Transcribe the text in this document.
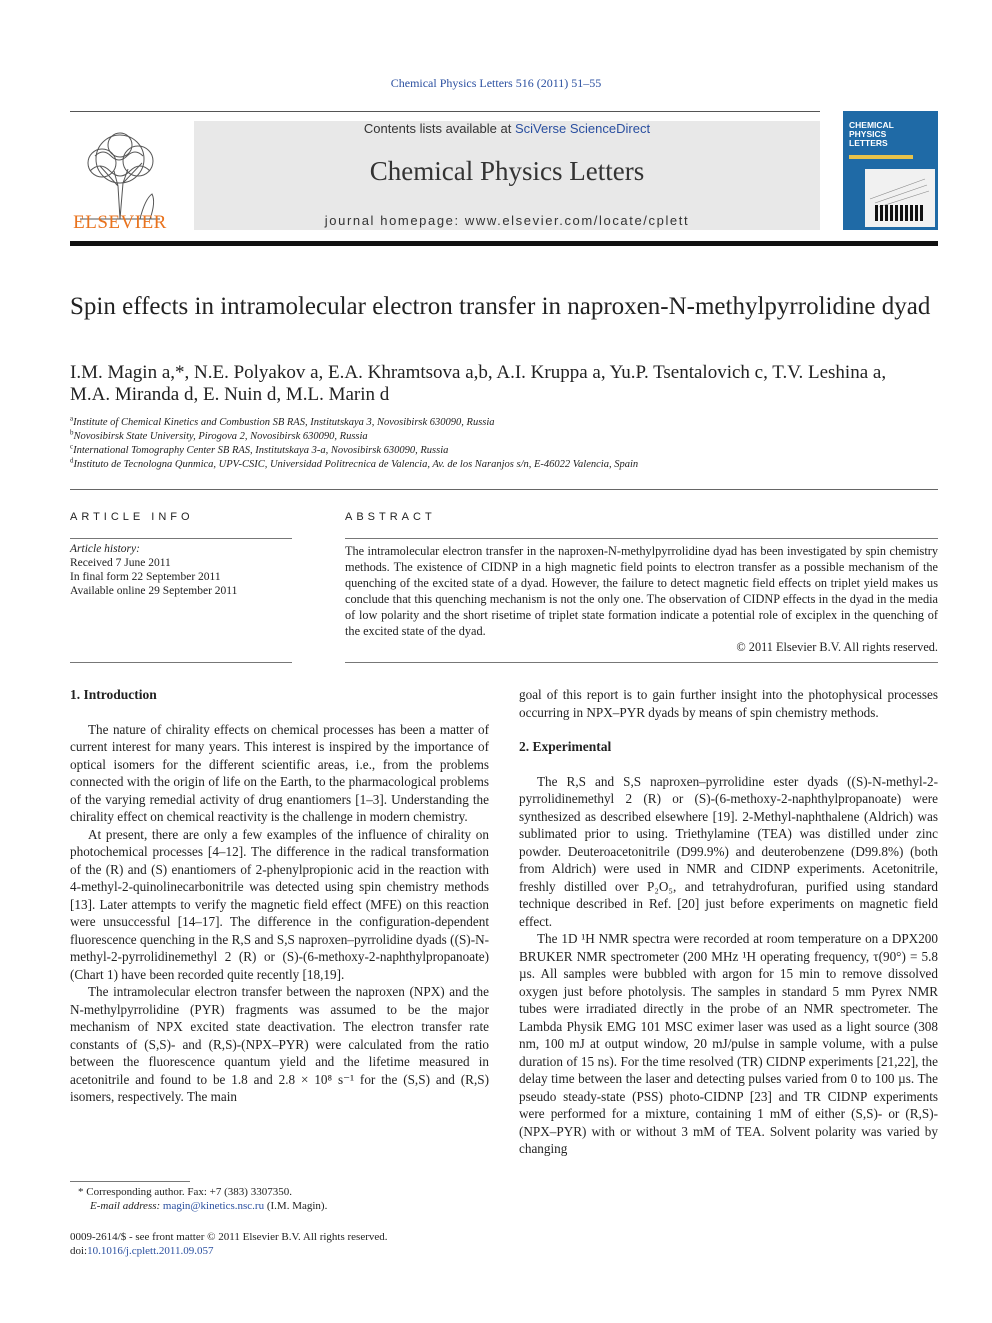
Chemical Physics Letters 516 (2011) 51–55
ELSEVIER
Contents lists available at SciVerse ScienceDirect
Chemical Physics Letters
journal homepage: www.elsevier.com/locate/cplett
CHEMICAL
PHYSICS
LETTERS
Spin effects in intramolecular electron transfer in naproxen-N-methylpyrrolidine dyad
I.M. Magin a,*, N.E. Polyakov a, E.A. Khramtsova a,b, A.I. Kruppa a, Yu.P. Tsentalovich c, T.V. Leshina a,
M.A. Miranda d, E. Nuin d, M.L. Marin d
$^a$Institute of Chemical Kinetics and Combustion SB RAS, Institutskaya 3, Novosibirsk 630090, Russia
$^b$Novosibirsk State University, Pirogova 2, Novosibirsk 630090, Russia
$^c$International Tomography Center SB RAS, Institutskaya 3-a, Novosibirsk 630090, Russia
$^d$Instituto de Tecnologna Qunmica, UPV-CSIC, Universidad Politrecnica de Valencia, Av. de los Naranjos s/n, E-46022 Valencia, Spain
ARTICLE INFO	ABSTRACT
Article history:
Received 7 June 2011
In final form 22 September 2011
Available online 29 September 2011
The intramolecular electron transfer in the naproxen-N-methylpyrrolidine dyad has been investigated by spin chemistry methods. The existence of CIDNP in a high magnetic field points to electron transfer as a possible mechanism of the quenching of the excited state of a dyad. However, the failure to detect magnetic field effects on triplet yield makes us conclude that this quenching mechanism is not the only one. The observation of CIDNP effects in the dyad in the media of low polarity and the short risetime of triplet state formation indicate a potential role of exciplex in the quenching of the excited state of the dyad.
© 2011 Elsevier B.V. All rights reserved.
1. Introduction

The nature of chirality effects on chemical processes has been a matter of current interest for many years. This interest is inspired by the importance of optical isomers for the different scientific areas, i.e., from the problems connected with the origin of life on the Earth, to the pharmacological problems of the varying remedial activity of drug enantiomers [1–3]. Understanding the chirality effect on chemical reactivity is the challenge in modern chemistry.

At present, there are only a few examples of the influence of chirality on photochemical processes [4–12]. The difference in the radical transformation of the (R) and (S) enantiomers of 2-phenylpropionic acid in the reaction with 4-methyl-2-quinolinecarbonitrile was detected using spin chemistry methods [13]. Later attempts to verify the magnetic field effect (MFE) on this reaction were unsuccessful [14–17]. The difference in the configuration-dependent fluorescence quenching in the R,S and S,S naproxen–pyrrolidine dyads ((S)-N-methyl-2-pyrrolidinemethyl 2 (R) or (S)-(6-methoxy-2-naphthylpropanoate) (Chart 1) have been recorded quite recently [18,19].

The intramolecular electron transfer between the naproxen (NPX) and the N-methylpyrrolidine (PYR) fragments was assumed to be the major mechanism of NPX excited state deactivation. The electron transfer rate constants of (S,S)- and (R,S)-(NPX–PYR) were calculated from the ratio between the fluorescence quantum yield and the lifetime measured in acetonitrile and found to be 1.8 and 2.8 × 10⁸ s⁻¹ for the (S,S) and (R,S) isomers, respectively. The main

goal of this report is to gain further insight into the photophysical processes occurring in NPX–PYR dyads by means of spin chemistry methods.

2. Experimental

The R,S and S,S naproxen–pyrrolidine ester dyads ((S)-N-methyl-2-pyrrolidinemethyl 2 (R) or (S)-(6-methoxy-2-naphthylpropanoate) were synthesized as described elsewhere [19]. 2-Methyl-naphthalene (Aldrich) was sublimated prior to using. Triethylamine (TEA) was distilled under zinc powder. Deuteroacetonitrile (D99.9%) and deuterobenzene (D99.8%) (both from Aldrich) were used in NMR and CIDNP experiments. Acetonitrile, freshly distilled over P₂O₅, and tetrahydrofuran, purified using standard technique described in Ref. [20] just before experiments on magnetic field effect.

The 1D ¹H NMR spectra were recorded at room temperature on a DPX200 BRUKER NMR spectrometer (200 MHz ¹H operating frequency, τ(90°) = 5.8 µs. All samples were bubbled with argon for 15 min to remove dissolved oxygen just before photolysis. The samples in standard 5 mm Pyrex NMR tubes were irradiated directly in the probe of an NMR spectrometer. The Lambda Physik EMG 101 MSC eximer laser was used as a light source (308 nm, 100 mJ at output window, 20 mJ/pulse in sample volume, with a pulse duration of 15 ns). For the time resolved (TR) CIDNP experiments [21,22], the delay time between the laser and detecting pulses varied from 0 to 100 µs. The pseudo steady-state (PSS) photo-CIDNP [23] and TR CIDNP experiments were performed for a mixture, containing 1 mM of either (S,S)- or (R,S)-(NPX–PYR) with or without 3 mM of TEA. Solvent polarity was varied by changing

* Corresponding author. Fax: +7 (383) 3307350.
E-mail address: magin@kinetics.nsc.ru (I.M. Magin).
0009-2614/$ - see front matter © 2011 Elsevier B.V. All rights reserved.
doi:10.1016/j.cplett.2011.09.057
